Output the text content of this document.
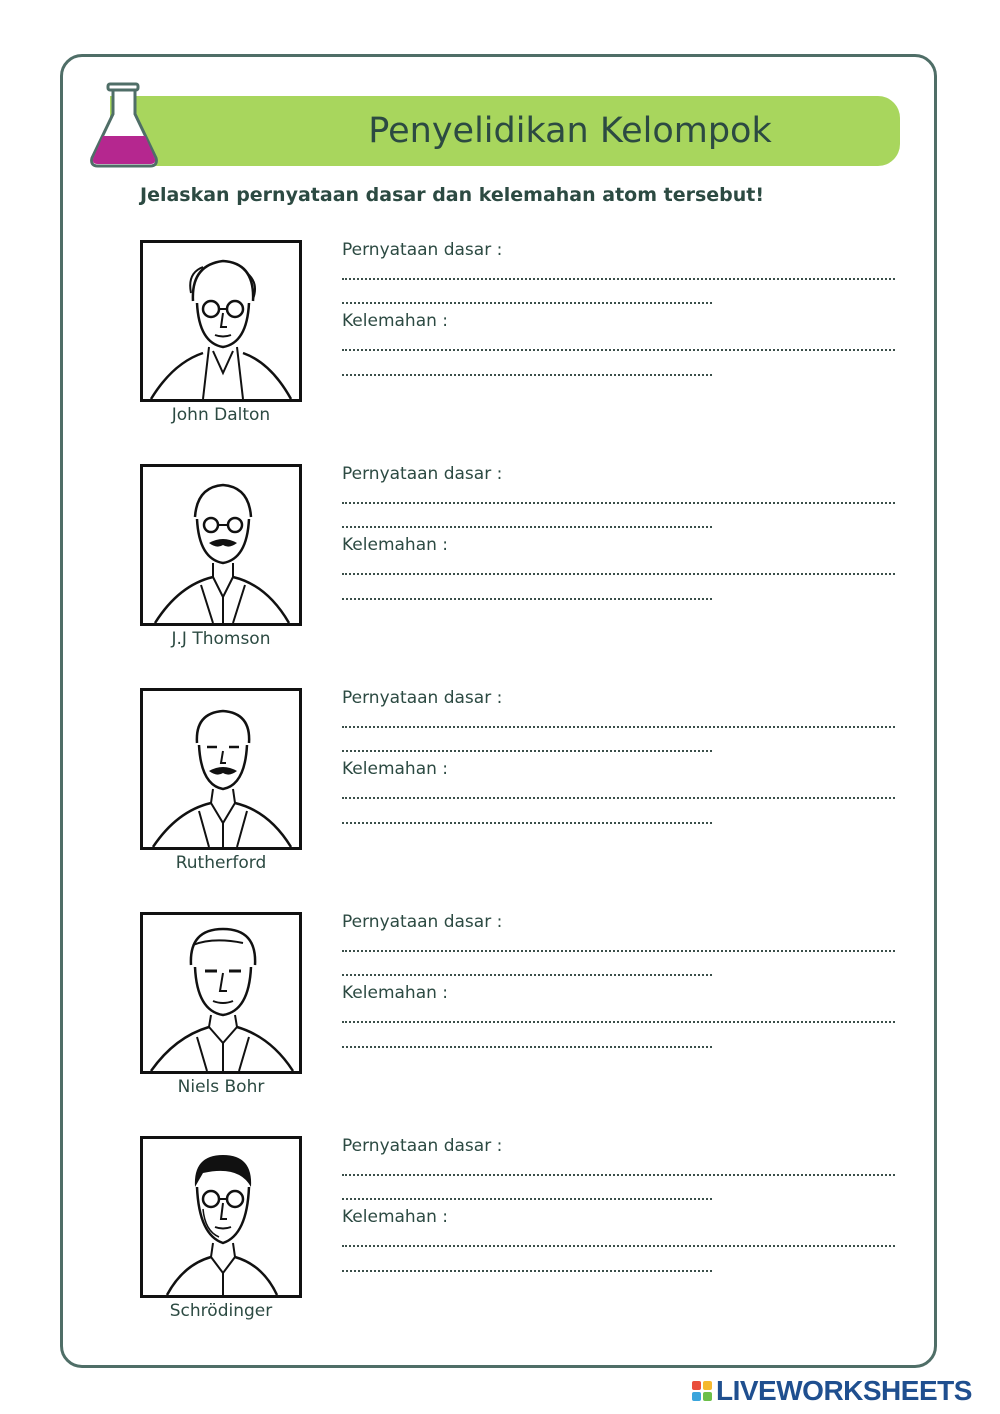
Penyelidikan Kelompok
Jelaskan pernyataan dasar dan kelemahan atom tersebut!
John Dalton
Pernyataan dasar :
Kelemahan :
J.J Thomson
Pernyataan dasar :
Kelemahan :
Rutherford
Pernyataan dasar :
Kelemahan :
Niels Bohr
Pernyataan dasar :
Kelemahan :
Schrödinger
Pernyataan dasar :
Kelemahan :
LIVEWORKSHEETS
